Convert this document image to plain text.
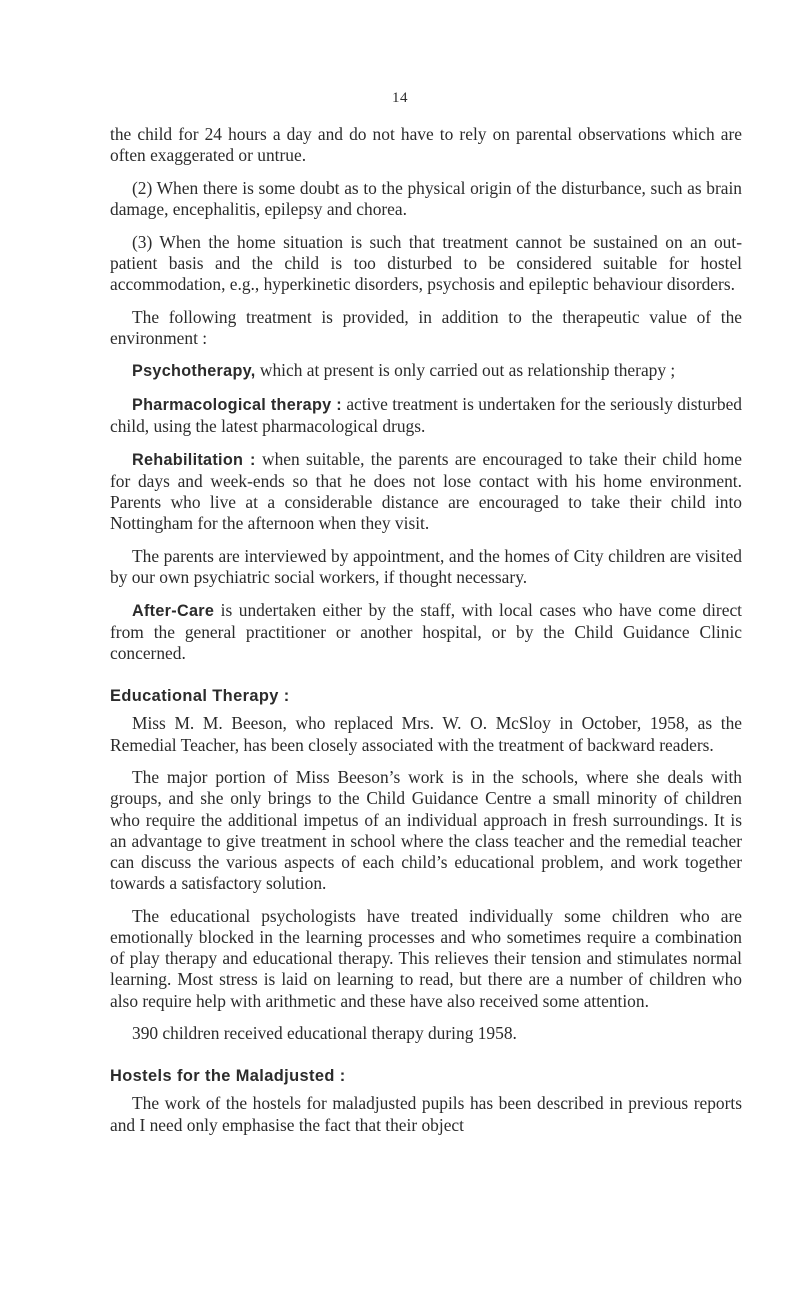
14

the child for 24 hours a day and do not have to rely on parental observations which are often exaggerated or untrue.

(2) When there is some doubt as to the physical origin of the disturbance, such as brain damage, encephalitis, epilepsy and chorea.

(3) When the home situation is such that treatment cannot be sustained on an out-patient basis and the child is too disturbed to be considered suitable for hostel accommodation, e.g., hyperkinetic disorders, psychosis and epileptic behaviour disorders.

The following treatment is provided, in addition to the therapeutic value of the environment :

Psychotherapy, which at present is only carried out as relationship therapy ;

Pharmacological therapy : active treatment is undertaken for the seriously disturbed child, using the latest pharmacological drugs.

Rehabilitation : when suitable, the parents are encouraged to take their child home for days and week-ends so that he does not lose contact with his home environment. Parents who live at a considerable distance are encouraged to take their child into Nottingham for the afternoon when they visit.

The parents are interviewed by appointment, and the homes of City children are visited by our own psychiatric social workers, if thought necessary.

After-Care is undertaken either by the staff, with local cases who have come direct from the general practitioner or another hospital, or by the Child Guidance Clinic concerned.

Educational Therapy :

Miss M. M. Beeson, who replaced Mrs. W. O. McSloy in October, 1958, as the Remedial Teacher, has been closely associated with the treatment of backward readers.

The major portion of Miss Beeson’s work is in the schools, where she deals with groups, and she only brings to the Child Guidance Centre a small minority of children who require the additional impetus of an individual approach in fresh surroundings. It is an advantage to give treatment in school where the class teacher and the remedial teacher can discuss the various aspects of each child’s educational problem, and work together towards a satisfactory solution.

The educational psychologists have treated individually some children who are emotionally blocked in the learning processes and who sometimes require a combination of play therapy and educational therapy. This relieves their tension and stimulates normal learning. Most stress is laid on learning to read, but there are a number of children who also require help with arithmetic and these have also received some attention.

390 children received educational therapy during 1958.

Hostels for the Maladjusted :

The work of the hostels for maladjusted pupils has been described in previous reports and I need only emphasise the fact that their object
